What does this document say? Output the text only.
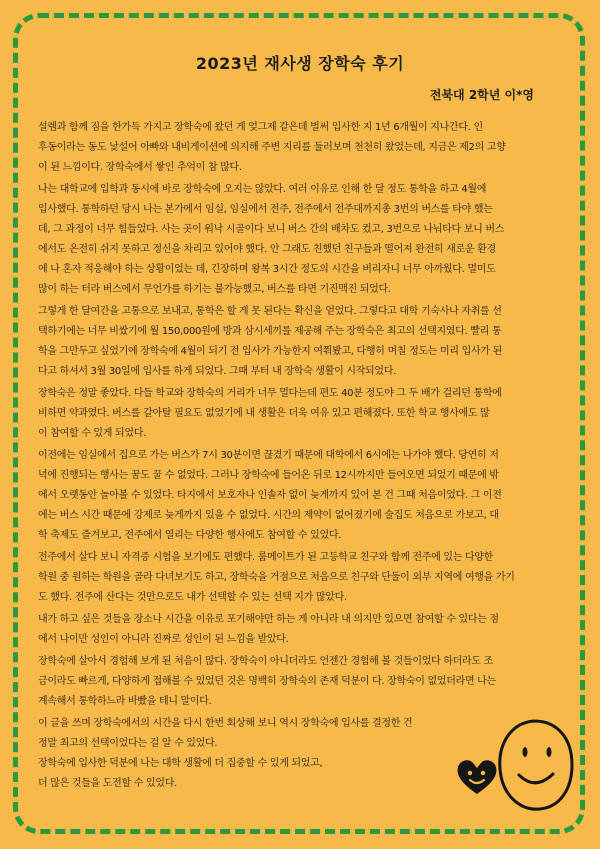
2023년 재사생 장학숙 후기
전북대 2학년 이*영
설렘과 함께 짐을 한가득 가지고 장학숙에 왔던 게 엊그제 같은데 벌써 입사한 지 1년 6개월이 지나간다. 인
후동이라는 동도 낯설어 아빠와 내비게이션에 의지해 주변 지리를 둘러보며 천천히 왔었는데, 지금은 제2의 고향
이 된 느낌이다. 장학숙에서 쌓인 추억이 참 많다.
나는 대학교에 입학과 동시에 바로 장학숙에 오지는 않았다. 여러 이유로 인해 한 달 정도 통학을 하고 4월에
입사했다. 통학하던 당시 나는 본가에서 임실, 임실에서 전주, 전주에서 전주대까지총 3번의 버스를 타야 했는
데, 그 과정이 너무 힘들었다. 사는 곳이 워낙 시골이다 보니 버스 간의 배차도 컸고, 3번으로 나눠타다 보니 버스
에서도 온전히 쉬지 못하고 정신을 차리고 있어야 했다. 안 그래도 친했던 친구들과 떨어져 완전히 새로운 환경
에 나 혼자 적응해야 하는 상황이었는 데, 긴장하며 왕복 3시간 정도의 시간을 버리자니 너무 아까웠다. 멀미도
많이 하는 터라 버스에서 무언가를 하기는 불가능했고, 버스를 타면 기진맥진 되었다.
그렇게 한 달여간을 고통으로 보내고, 통학은 할 게 못 된다는 확신을 얻었다. 그렇다고 대학 기숙사나 자취를 선
택하기에는 너무 비쌌기에 월 150,000원에 방과 삼시세끼를 제공해 주는 장학숙은 최고의 선택지였다. 빨리 통
학을 그만두고 싶었기에 장학숙에 4월이 되기 전 입사가 가능한지 여쭤봤고, 다행히 며칠 정도는 미리 입사가 된
다고 하셔서 3월 30일에 입사를 하게 되었다. 그때 부터 내 장학숙 생활이 시작되었다.
장학숙은 정말 좋았다. 다들 학교와 장학숙의 거리가 너무 멀다는데 편도 40분 정도야 그 두 배가 걸리던 통학에
비하면 약과였다. 버스를 갈아탈 필요도 없었기에 내 생활은 더욱 여유 있고 편해졌다. 또한 학교 행사에도 많
이 참여할 수 있게 되었다.
이전에는 임실에서 집으로 가는 버스가 7시 30분이면 끊겼기 때문에 대학에서 6시에는 나가야 했다. 당연히 저
녁에 진행되는 행사는 꿈도 꿀 수 없었다. 그러나 장학숙에 들어온 뒤로 12시까지만 들어오면 되었기 때문에 밖
에서 오랫동안 놀아볼 수 있었다. 타지에서 보호자나 인솔자 없이 늦게까지 있어 본 건 그때 처음이었다. 그 이전
에는 버스 시간 때문에 강제로 늦게까지 있을 수 없었다. 시간의 제약이 없어졌기에 술집도 처음으로 가보고, 대
학 축제도 즐겨보고, 전주에서 열리는 다양한 행사에도 참여할 수 있었다.
전주에서 살다 보니 자격증 시험을 보기에도 편했다. 룸메이트가 된 고등학교 친구와 함께 전주에 있는 다양한
학원 중 원하는 학원을 골라 다녀보기도 하고, 장학숙을 거점으로 처음으로 친구와 단둘이 외부 지역에 여행을 가기
도 했다. 전주에 산다는 것만으로도 내가 선택할 수 있는 선택 지가 많았다.
내가 하고 싶은 것들을 장소나 시간을 이유로 포기해야만 하는 게 아니라 내 의지만 있으면 참여할 수 있다는 점
에서 나이만 성인이 아니라 진짜로 성인이 된 느낌을 받았다.
장학숙에 살아서 경험해 보게 된 처음이 많다. 장학숙이 아니더라도 언젠간 경험해 볼 것들이었다 하더라도 조
금이라도 빠르게, 다양하게 접해볼 수 있었던 것은 명백히 장학숙의 존재 덕분이 다. 장학숙이 없었더라면 나는
계속해서 통학하느라 바빴을 테니 말이다.
이 글을 쓰며 장학숙에서의 시간을 다시 한번 회상해 보니 역시 장학숙에 입사를 결정한 건
정말 최고의 선택이었다는 걸 알 수 있었다.
장학숙에 입사한 덕분에 나는 대학 생활에 더 집중할 수 있게 되었고,
더 많은 것들을 도전할 수 있었다.
